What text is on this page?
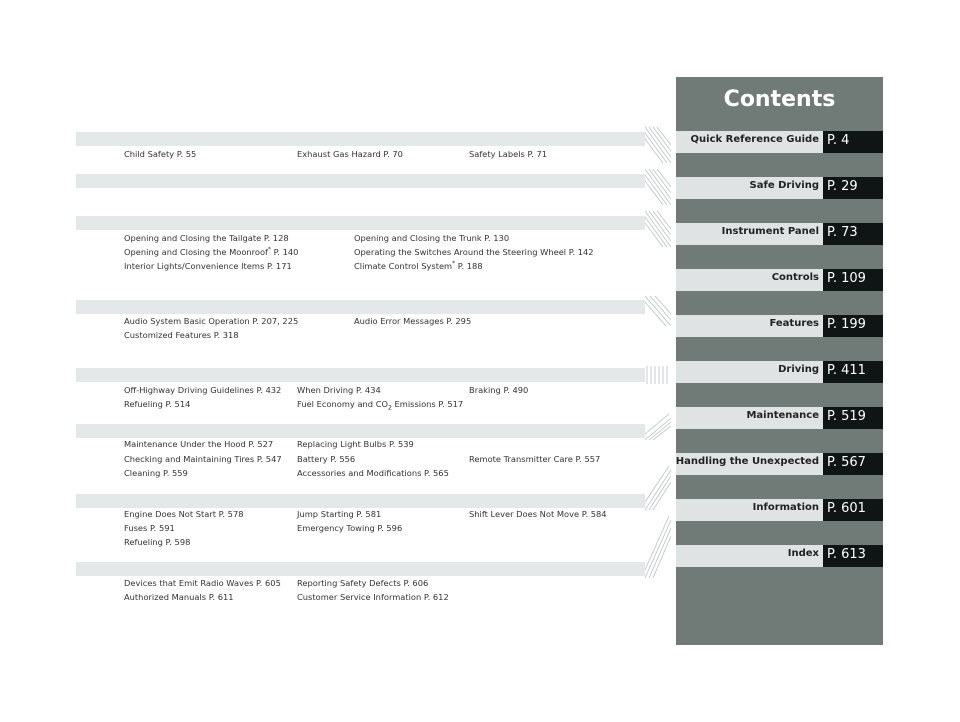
Child Safety P. 55	Exhaust Gas Hazard P. 70	Safety Labels P. 71
Opening and Closing the Tailgate P. 128	Opening and Closing the Trunk P. 130
Opening and Closing the Moonroof* P. 140	Operating the Switches Around the Steering Wheel P. 142
Interior Lights/Convenience Items P. 171	Climate Control System* P. 188
Audio System Basic Operation P. 207, 225	Audio Error Messages P. 295
Customized Features P. 318
Off-Highway Driving Guidelines P. 432 When Driving P. 434	Braking P. 490
Refueling P. 514	Fuel Economy and $CO_2$ Emissions P. 517
Maintenance Under the Hood P. 527	Replacing Light Bulbs P. 539
Checking and Maintaining Tires P. 547 Battery P. 556	Remote Transmitter Care P. 557
Cleaning P. 559	Accessories and Modifications P. 565
Engine Does Not Start P. 578	Jump Starting P. 581	Shift Lever Does Not Move P. 584
Fuses P. 591	Emergency Towing P. 596
Refueling P. 598
Devices that Emit Radio Waves P. 605 Reporting Safety Defects P. 606
Authorized Manuals P. 611	Customer Service Information P. 612
Contents
Quick Reference Guide P. 4
Safe Driving P. 29
Instrument Panel P. 73
Controls P. 109
Features P. 199
Driving P. 411
Maintenance P. 519
Handling the Unexpected P. 567
Information P. 601
Index P. 613
